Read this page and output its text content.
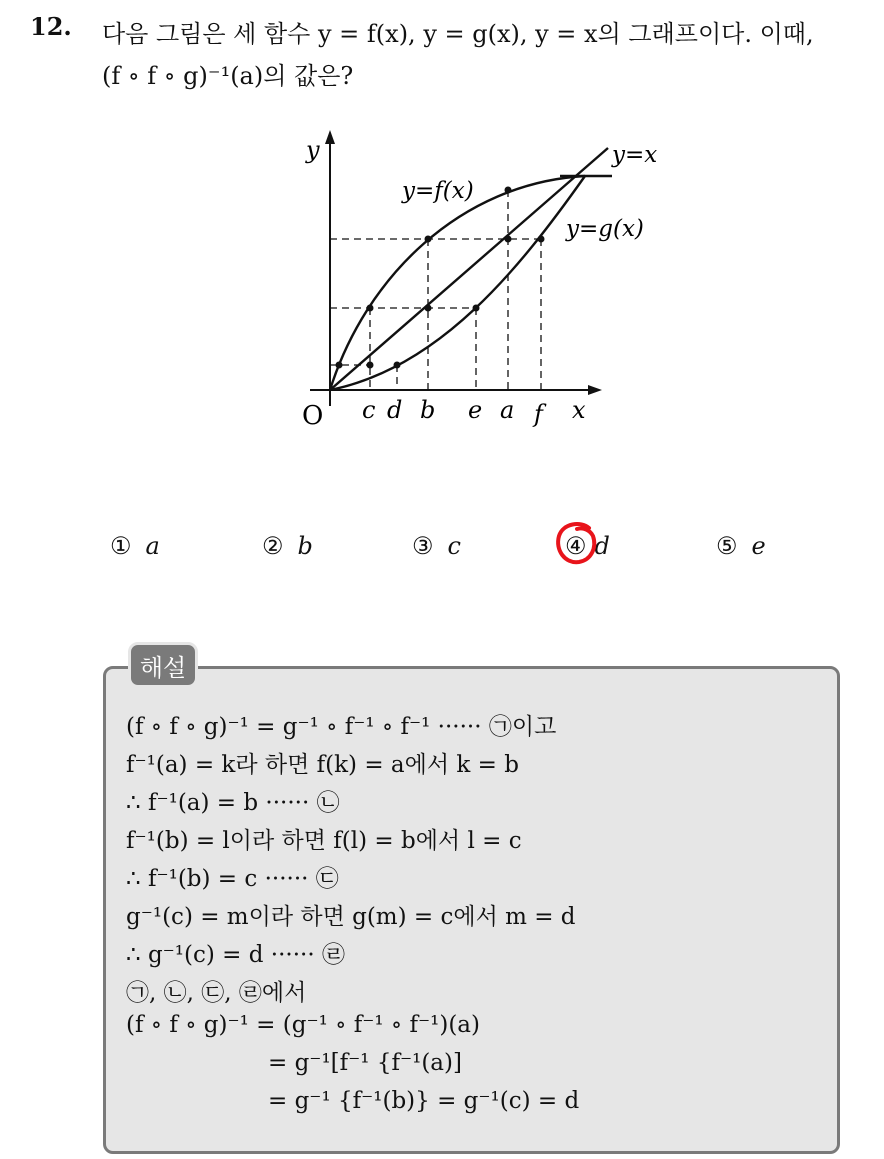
12. 다음 그림은 세 함수 y = f(x), y = g(x), y = x의 그래프이다. 이때,
(f ∘ f ∘ g)⁻¹(a)의 값은?
y
x
O
y=f(x)
y=g(x)
y=x
c d b e a f
① a	② b	③ c	④ d	⑤ e
해설
(f ∘ f ∘ g)⁻¹ = g⁻¹ ∘ f⁻¹ ∘ f⁻¹ ······ ㉠이고
f⁻¹(a) = k라 하면 f(k) = a에서 k = b
∴ f⁻¹(a) = b ······ ㉡
f⁻¹(b) = l이라 하면 f(l) = b에서 l = c
∴ f⁻¹(b) = c ······ ㉢
g⁻¹(c) = m이라 하면 g(m) = c에서 m = d
∴ g⁻¹(c) = d ······ ㉣
㉠, ㉡, ㉢, ㉣에서
(f ∘ f ∘ g)⁻¹ = (g⁻¹ ∘ f⁻¹ ∘ f⁻¹)(a)
= g⁻¹[f⁻¹ {f⁻¹(a)]
= g⁻¹ {f⁻¹(b)} = g⁻¹(c) = d
